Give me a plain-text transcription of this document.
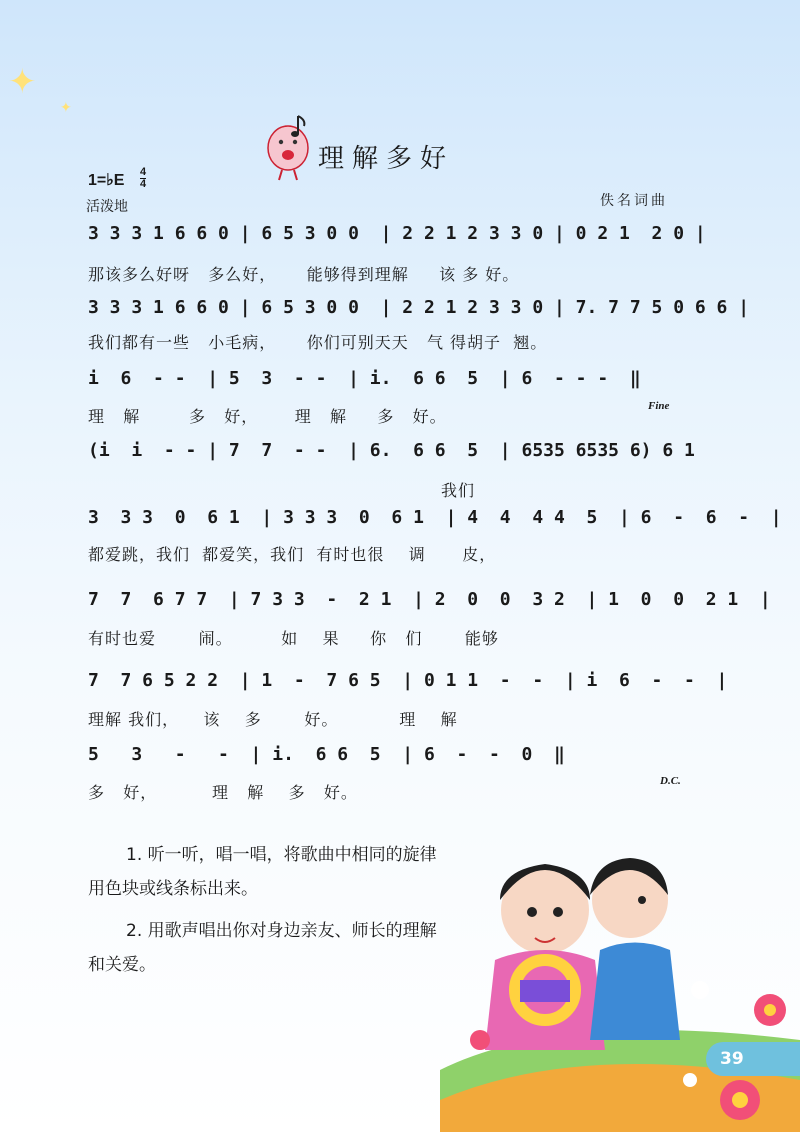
✦
✦
理解多好
1=♭E 4
4
活泼地	佚名词曲
3 3 3 1 6 6 0 | 6 5 3 0 0  | 2 2 1 2 3 3 0 | 0 2 1  2 0 |
那该多么好呀   多么好，     能够得到理解     该 多 好。
3 3 3 1 6 6 0 | 6 5 3 0 0  | 2 2 1 2 3 3 0 | 7. 7 7 5 0 6 6 |
我们都有一些   小毛病，     你们可别天天   气 得胡子  翘。
i  6  - -  | 5  3  - -  | i.  6 6  5  | 6  - - -  ‖
理   解        多   好，      理   解     多   好。
Fine
(i  i  - - | 7  7  - -  | 6.  6 6  5  | 6535 6535 6) 6 1
我们
3  3 3  0  6 1  | 3 3 3  0  6 1  | 4  4  4 4  5  | 6  -  6  -  |
都爱跳，我们  都爱笑，我们  有时也很    调      皮，
7  7  6 7 7  | 7 3 3  -  2 1  | 2  0  0  3 2  | 1  0  0  2 1  |
有时也爱       闹。        如    果     你   们       能够
7  7 6 5 2 2  | 1  -  7 6 5  | 0 1 1  -  -  | i  6  -  -  |
理解 我们，    该    多       好。          理    解
5   3   -   -  | i.  6 6  5  | 6  -  -  0  ‖
多   好，         理   解    多   好。
D.C.
1. 听一听，唱一唱，将歌曲中相同的旋律用色块或线条标出来。
2. 用歌声唱出你对身边亲友、师长的理解和关爱。
39
